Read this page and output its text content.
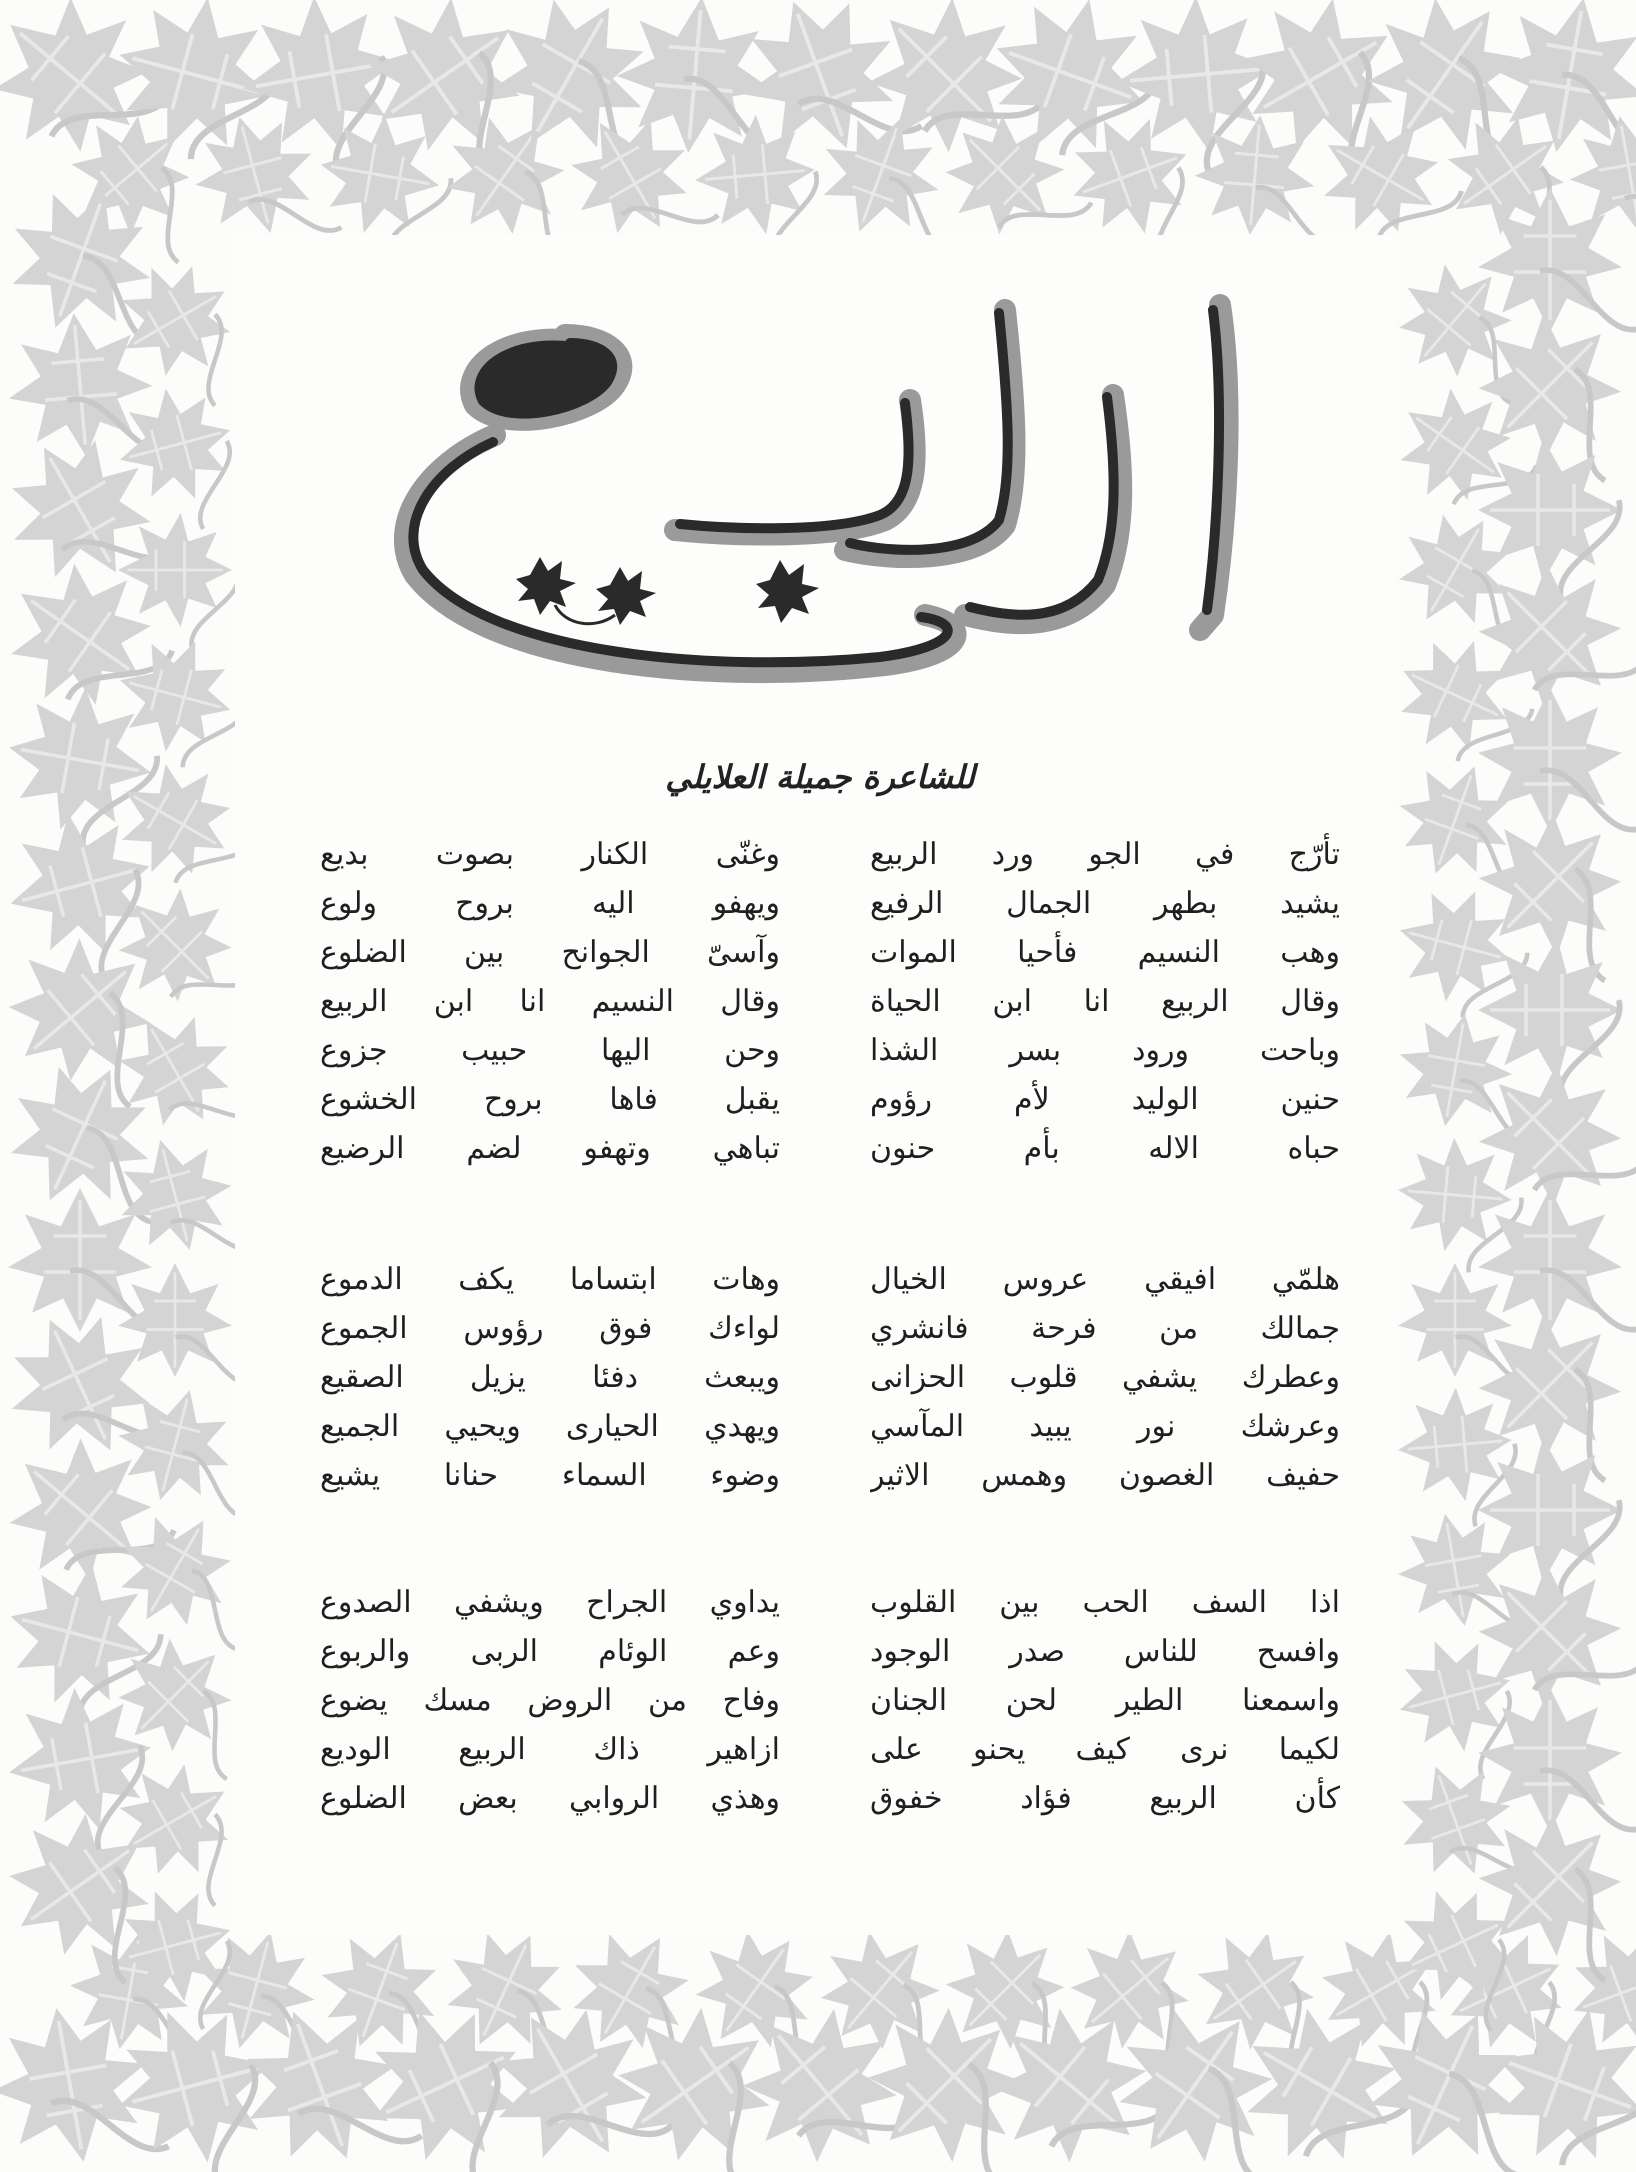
للشاعرة جميلة العلايلي
تأرّج في الجو ورد الربيع
وغنّى الكنار بصوت بديع
يشيد بطهر الجمال الرفيع
ويهفو اليه بروح ولوع
وهب النسيم فأحيا الموات
وآسىّ الجوانح بين الضلوع
وقال الربيع انا ابن الحياة
وقال النسيم انا ابن الربيع
وباحت ورود بسر الشذا
وحن اليها حبيب جزوع
حنين الوليد لأم رؤوم
يقبل فاها بروح الخشوع
حباه الاله بأم حنون
تباهي وتهفو لضم الرضيع
هلمّي افيقي عروس الخيال
وهات ابتساما يكف الدموع
جمالك من فرحة فانشري
لواءك فوق رؤوس الجموع
وعطرك يشفي قلوب الحزانى
ويبعث دفئا يزيل الصقيع
وعرشك نور يبيد المآسي
ويهدي الحيارى ويحيي الجميع
حفيف الغصون وهمس الاثير
وضوء السماء حنانا يشيع
اذا السف الحب بين القلوب
يداوي الجراح ويشفي الصدوع
وافسح للناس صدر الوجود
وعم الوئام الربى والربوع
واسمعنا الطير لحن الجنان
وفاح من الروض مسك يضوع
لكيما نرى كيف يحنو على
ازاهير ذاك الربيع الوديع
كأن الربيع فؤاد خفوق
وهذي الروابي بعض الضلوع
